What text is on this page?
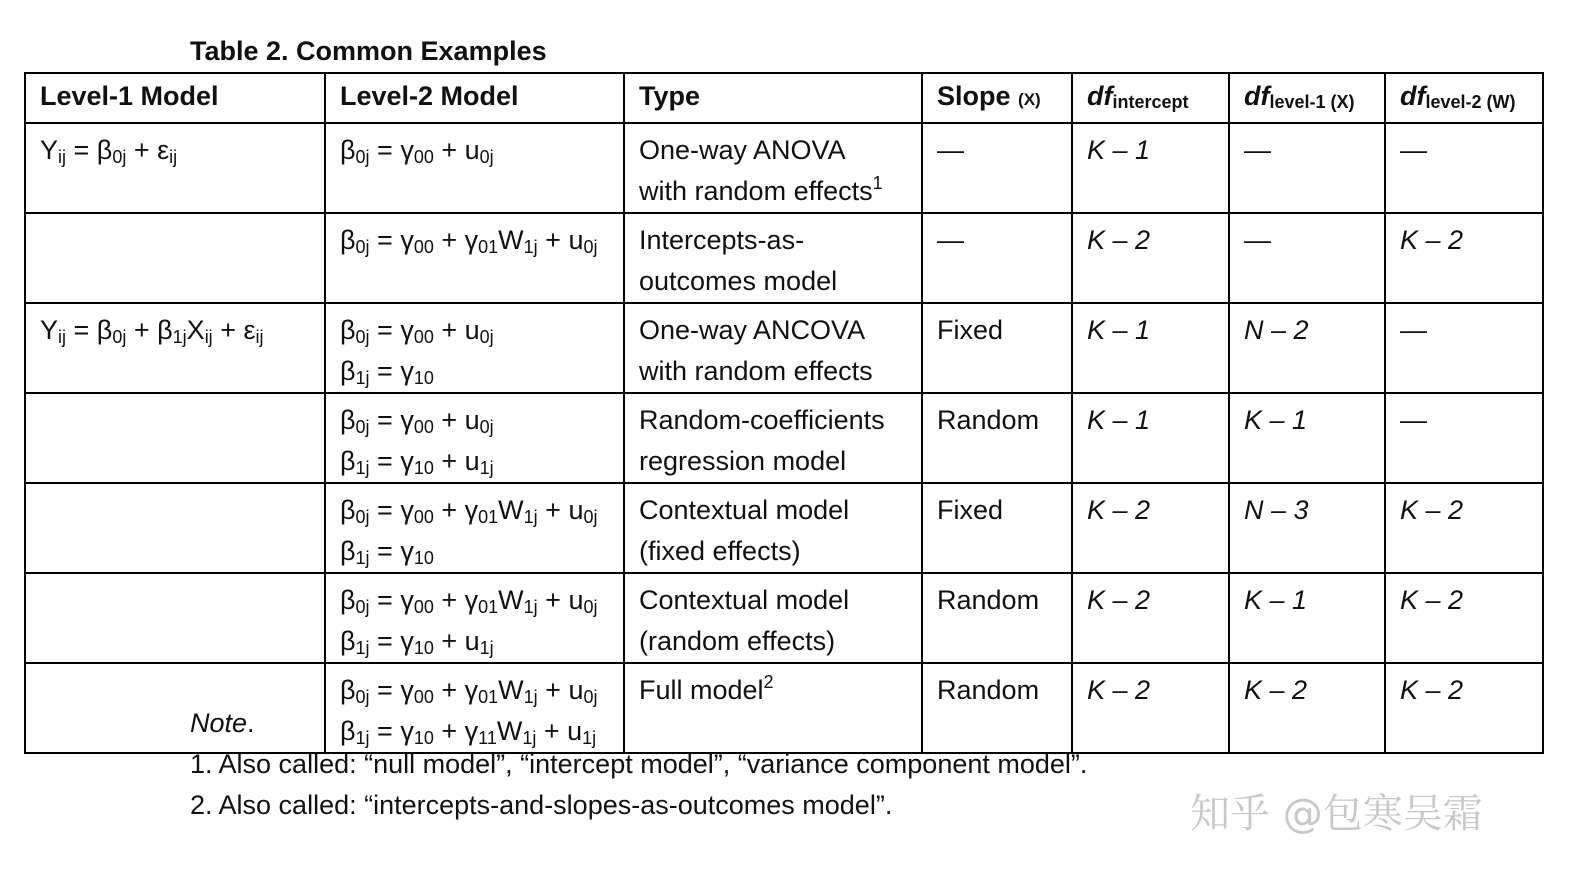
Table 2. Common Examples
Level-1 Model	Level-2 Model	Type	Slope (X)	dfintercept	dflevel-1 (X)	dflevel-2 (W)
$Y_{ij} = \beta_{0j} + \varepsilon_{ij}$	$\beta_{0j} = \gamma_{00} + u_{0j}$	One-way ANOVA
with random effects$^1$	—	K – 1	—	—

	$\beta_{0j} = \gamma_{00} + \gamma_{01}W_{1j} + u_{0j}$	Intercepts-as-
outcomes model	—	K – 2	—	K – 2
$Y_{ij} = \beta_{0j} + \beta_{1j}X_{ij} + \varepsilon_{ij}$	$\beta_{0j} = \gamma_{00} + u_{0j}$
$\beta_{1j} = \gamma_{10}$	One-way ANCOVA
with random effects	Fixed	K – 1	N – 2	—

	$\beta_{0j} = \gamma_{00} + u_{0j}$
$\beta_{1j} = \gamma_{10} + u_{1j}$	Random-coefficients
regression model	Random	K – 1	K – 1	—

	$\beta_{0j} = \gamma_{00} + \gamma_{01}W_{1j} + u_{0j}$
$\beta_{1j} = \gamma_{10}$	Contextual model
(fixed effects)	Fixed	K – 2	N – 3	K – 2

	$\beta_{0j} = \gamma_{00} + \gamma_{01}W_{1j} + u_{0j}$
$\beta_{1j} = \gamma_{10} + u_{1j}$	Contextual model
(random effects)	Random	K – 2	K – 1	K – 2

	$\beta_{0j} = \gamma_{00} + \gamma_{01}W_{1j} + u_{0j}$
$\beta_{1j} = \gamma_{10} + \gamma_{11}W_{1j} + u_{1j}$	Full model$^2$	Random	K – 2	K – 2	K – 2
Note.
1. Also called: “null model”, “intercept model”, “variance component model”.
2. Also called: “intercepts-and-slopes-as-outcomes model”.	知乎 @包寒吴霜
